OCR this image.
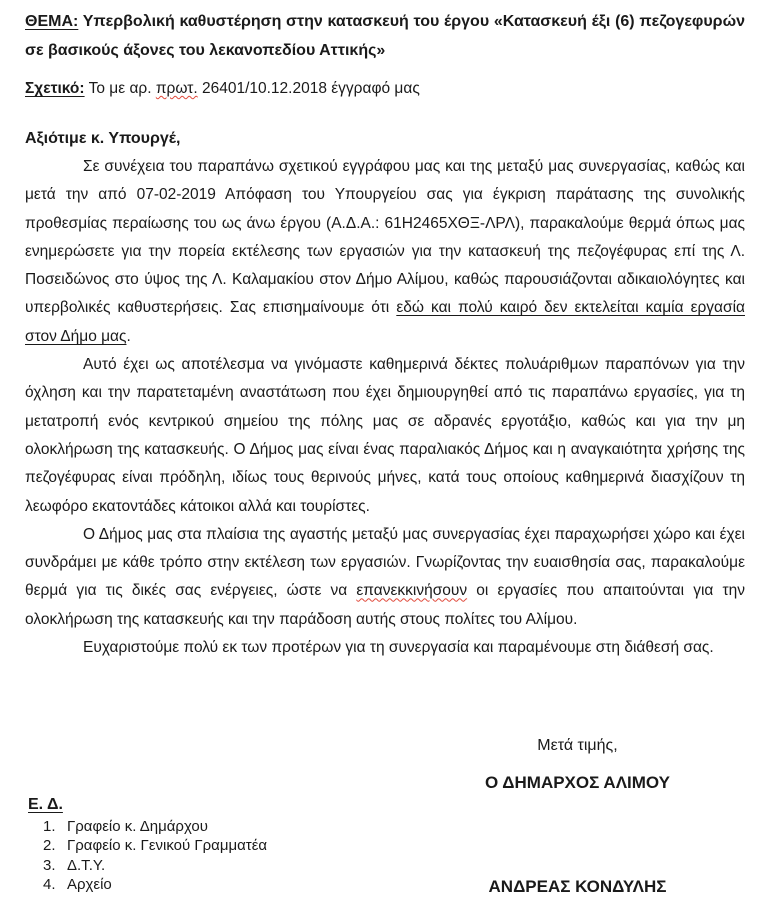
ΘΕΜΑ: Υπερβολική καθυστέρηση στην κατασκευή του έργου «Κατασκευή έξι (6) πεζογεφυρών σε βασικούς άξονες του λεκανοπεδίου Αττικής»
Σχετικό: Το με αρ. πρωτ. 26401/10.12.2018 έγγραφό μας
Αξιότιμε κ. Υπουργέ,

Σε συνέχεια του παραπάνω σχετικού εγγράφου μας και της μεταξύ μας συνεργασίας, καθώς και μετά την από 07-02-2019 Απόφαση του Υπουργείου σας για έγκριση παράτασης της συνολικής προθεσμίας περαίωσης του ως άνω έργου (Α.Δ.Α.: 61Η2465ΧΘΞ-ΛΡΛ), παρακαλούμε θερμά όπως μας ενημερώσετε για την πορεία εκτέλεσης των εργασιών για την κατασκευή της πεζογέφυρας επί της Λ. Ποσειδώνος στο ύψος της Λ. Καλαμακίου στον Δήμο Αλίμου, καθώς παρουσιάζονται αδικαιολόγητες και υπερβολικές καθυστερήσεις. Σας επισημαίνουμε ότι εδώ και πολύ καιρό δεν εκτελείται καμία εργασία στον Δήμο μας.

Αυτό έχει ως αποτέλεσμα να γινόμαστε καθημερινά δέκτες πολυάριθμων παραπόνων για την όχληση και την παρατεταμένη αναστάτωση που έχει δημιουργηθεί από τις παραπάνω εργασίες, για τη μετατροπή ενός κεντρικού σημείου της πόλης μας σε αδρανές εργοτάξιο, καθώς και για την μη ολοκλήρωση της κατασκευής. Ο Δήμος μας είναι ένας παραλιακός Δήμος και η αναγκαιότητα χρήσης της πεζογέφυρας είναι πρόδηλη, ιδίως τους θερινούς μήνες, κατά τους οποίους καθημερινά διασχίζουν τη λεωφόρο εκατοντάδες κάτοικοι αλλά και τουρίστες.

Ο Δήμος μας στα πλαίσια της αγαστής μεταξύ μας συνεργασίας έχει παραχωρήσει χώρο και έχει συνδράμει με κάθε τρόπο στην εκτέλεση των εργασιών. Γνωρίζοντας την ευαισθησία σας, παρακαλούμε θερμά για τις δικές σας ενέργειες, ώστε να επανεκκινήσουν οι εργασίες που απαιτούνται για την ολοκλήρωση της κατασκευής και την παράδοση αυτής στους πολίτες του Αλίμου.

Ευχαριστούμε πολύ εκ των προτέρων για τη συνεργασία και παραμένουμε στη διάθεσή σας.

Μετά τιμής,
Ο ΔΗΜΑΡΧΟΣ ΑΛΙΜΟΥ
ΑΝΔΡΕΑΣ ΚΟΝΔΥΛΗΣ
Ε. Δ.
1. Γραφείο κ. Δημάρχου
2. Γραφείο κ. Γενικού Γραμματέα
3. Δ.Τ.Υ.
4. Αρχείο
